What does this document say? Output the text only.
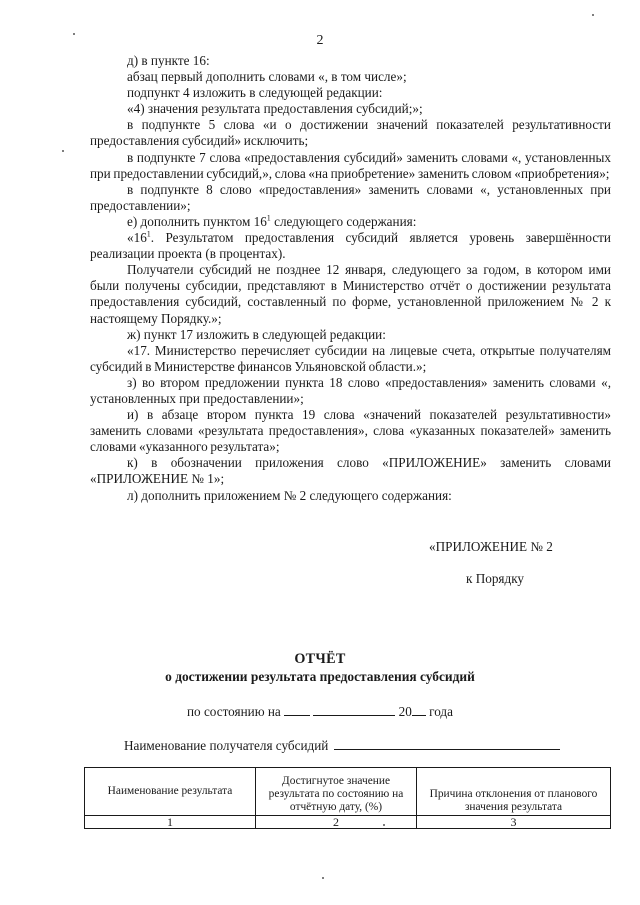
2

д) в пункте 16:

абзац первый дополнить словами «, в том числе»;

подпункт 4 изложить в следующей редакции:

«4) значения результата предоставления субсидий;»;

в подпункте 5 слова «и о достижении значений показателей результативности предоставления субсидий» исключить;

в подпункте 7 слова «предоставления субсидий» заменить словами «, установленных при предоставлении субсидий,», слова «на приобретение» заменить словом «приобретения»;

в подпункте 8 слово «предоставления» заменить словами «, установленных при предоставлении»;

е) дополнить пунктом $16^1$ следующего содержания:

«$16^1$. Результатом предоставления субсидий является уровень завершённости реализации проекта (в процентах).

Получатели субсидий не позднее 12 января, следующего за годом, в котором ими были получены субсидии, представляют в Министерство отчёт о достижении результата предоставления субсидий, составленный по форме, установленной приложением № 2 к настоящему Порядку.»;

ж) пункт 17 изложить в следующей редакции:

«17. Министерство перечисляет субсидии на лицевые счета, открытые получателям субсидий в Министерстве финансов Ульяновской области.»;

з) во втором предложении пункта 18 слово «предоставления» заменить словами «, установленных при предоставлении»;

и) в абзаце втором пункта 19 слова «значений показателей результативности» заменить словами «результата предоставления», слова «указанных показателей» заменить словами «указанного результата»;

к) в обозначении приложения слово «ПРИЛОЖЕНИЕ» заменить словами «ПРИЛОЖЕНИЕ № 1»;

л) дополнить приложением № 2 следующего содержания:

«ПРИЛОЖЕНИЕ № 2
к Порядку
ОТЧЁТ
о достижении результата предоставления субсидий
по состоянию на	20 года
Наименование получателя субсидий
Наименование результата	Достигнутое значение результата по состоянию на отчётную дату, (%)	Причина отклонения от планового значения результата
1	2	3
